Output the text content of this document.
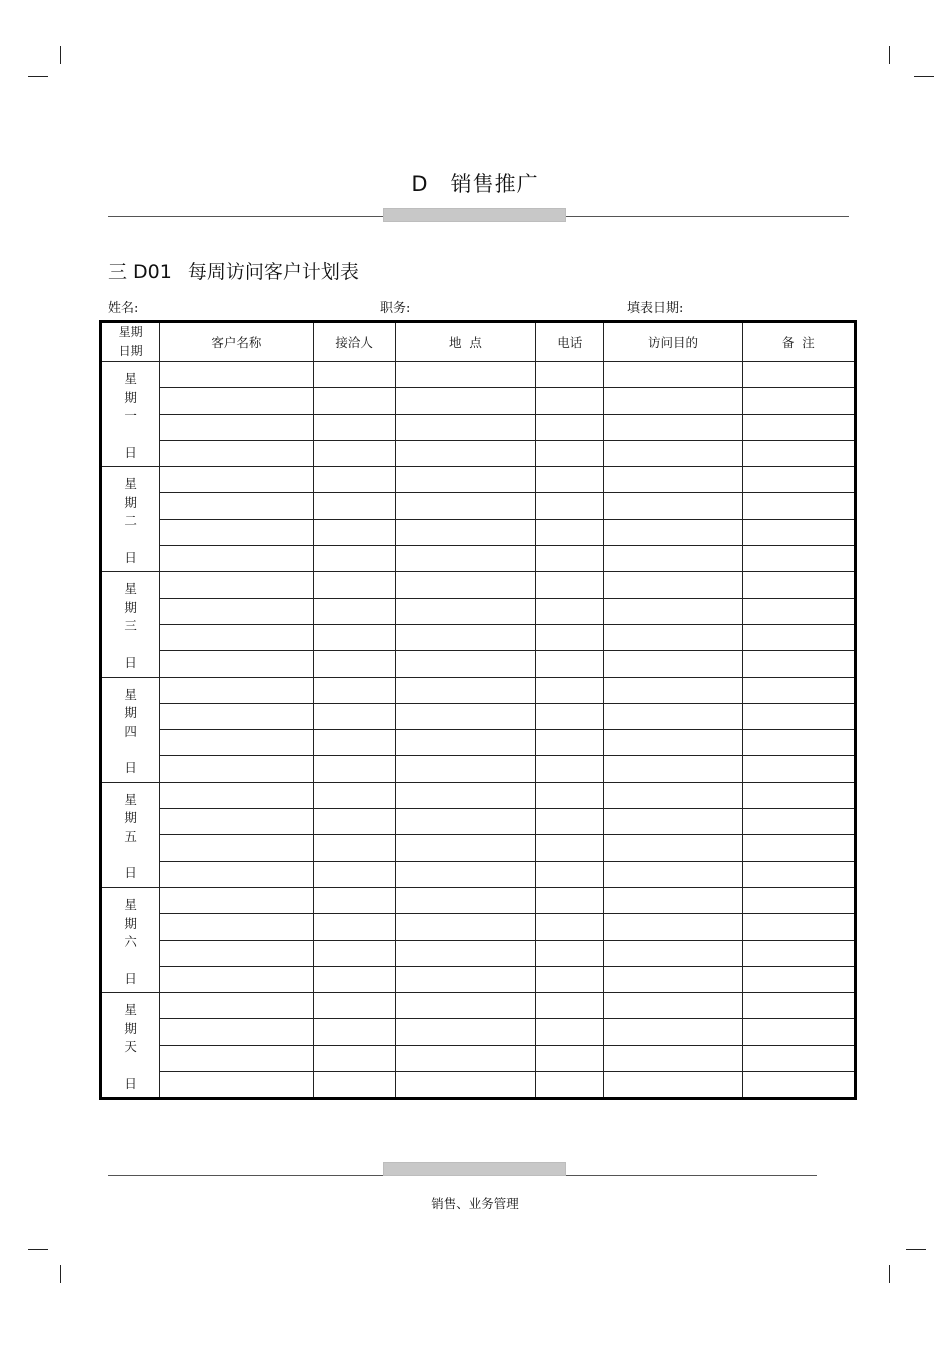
D 销售推广
三 D01 每周访问客户计划表
姓名:	职务:	填表日期:
星期
日期	客户名称	接洽人	地  点	电话	访问目的	备  注

星
期
一
日						

星
期
二
日						

星
期
三
日						

星
期
四
日						

星
期
五
日						

星
期
六
日						

星
期
天
日						

销售、业务管理
